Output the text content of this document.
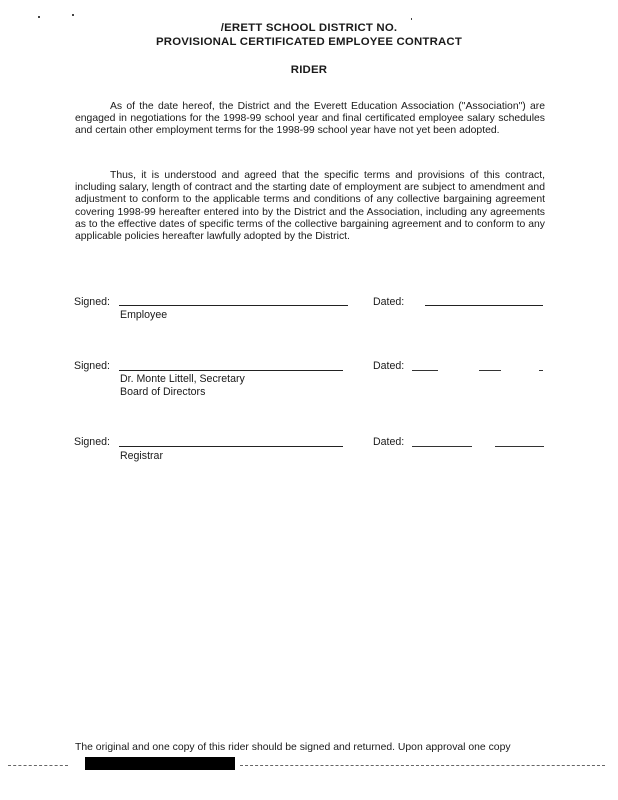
/ERETT SCHOOL DISTRICT NO.
PROVISIONAL CERTIFICATED EMPLOYEE CONTRACT
RIDER
As of the date hereof, the District and the Everett Education Association ("Association") are engaged in negotiations for the 1998-99 school year and final certificated employee salary schedules and certain other employment terms for the 1998-99 school year have not yet been adopted.
Thus, it is understood and agreed that the specific terms and provisions of this contract, including salary, length of contract and the starting date of employment are subject to amendment and adjustment to conform to the applicable terms and conditions of any collective bargaining agreement covering 1998-99 hereafter entered into by the District and the Association, including any agreements as to the effective dates of specific terms of the collective bargaining agreement and to conform to any applicable policies hereafter lawfully adopted by the District.
Signed:
Employee
Dated:
Signed:
Dr. Monte Littell, Secretary
Board of Directors
Dated:
Signed:
Registrar
Dated:
The original and one copy of this rider should be signed and returned. Upon approval one copy
